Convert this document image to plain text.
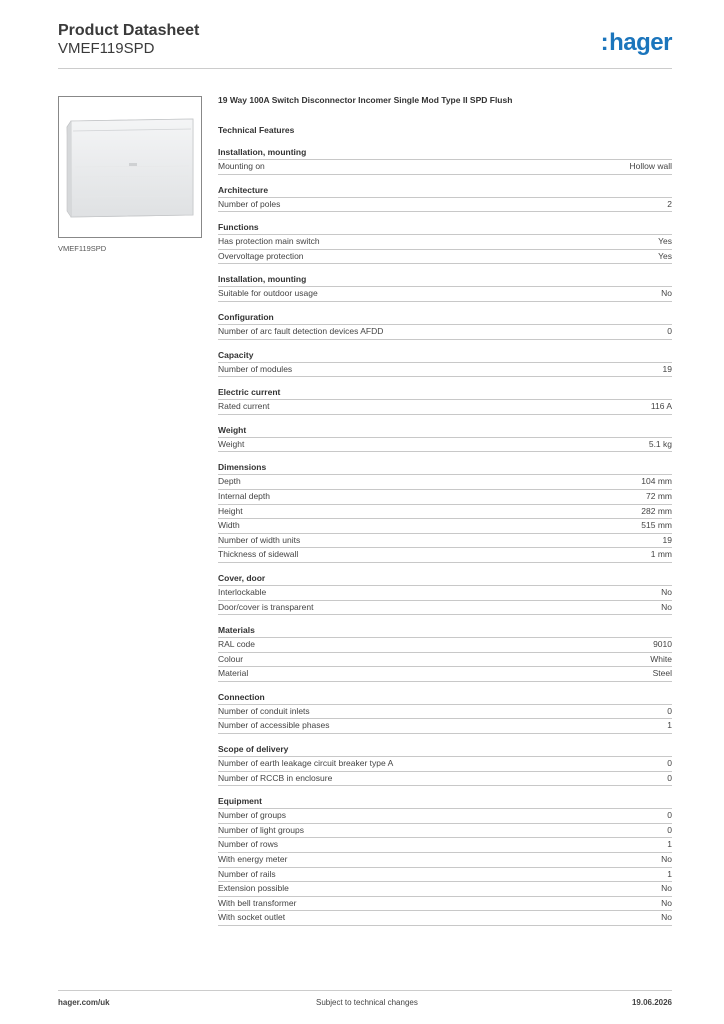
Product Datasheet
VMEF119SPD	:hager
VMEF119SPD
19 Way 100A Switch Disconnector Incomer Single Mod Type II SPD Flush
Technical Features
Installation, mounting
Mounting on	Hollow wall
Architecture
Number of poles	2
Functions
Has protection main switch	Yes
Overvoltage protection	Yes
Installation, mounting
Suitable for outdoor usage	No
Configuration
Number of arc fault detection devices AFDD	0
Capacity
Number of modules	19
Electric current
Rated current	116 A
Weight
Weight	5.1 kg
Dimensions
Depth	104 mm
Internal depth	72 mm
Height	282 mm
Width	515 mm
Number of width units	19
Thickness of sidewall	1 mm
Cover, door
Interlockable	No
Door/cover is transparent	No
Materials
RAL code	9010
Colour	White
Material	Steel
Connection
Number of conduit inlets	0
Number of accessible phases	1
Scope of delivery
Number of earth leakage circuit breaker type A	0
Number of RCCB in enclosure	0
Equipment
Number of groups	0
Number of light groups	0
Number of rows	1
With energy meter	No
Number of rails	1
Extension possible	No
With bell transformer	No
With socket outlet	No
hager.com/uk	Subject to technical changes	19.06.2026
